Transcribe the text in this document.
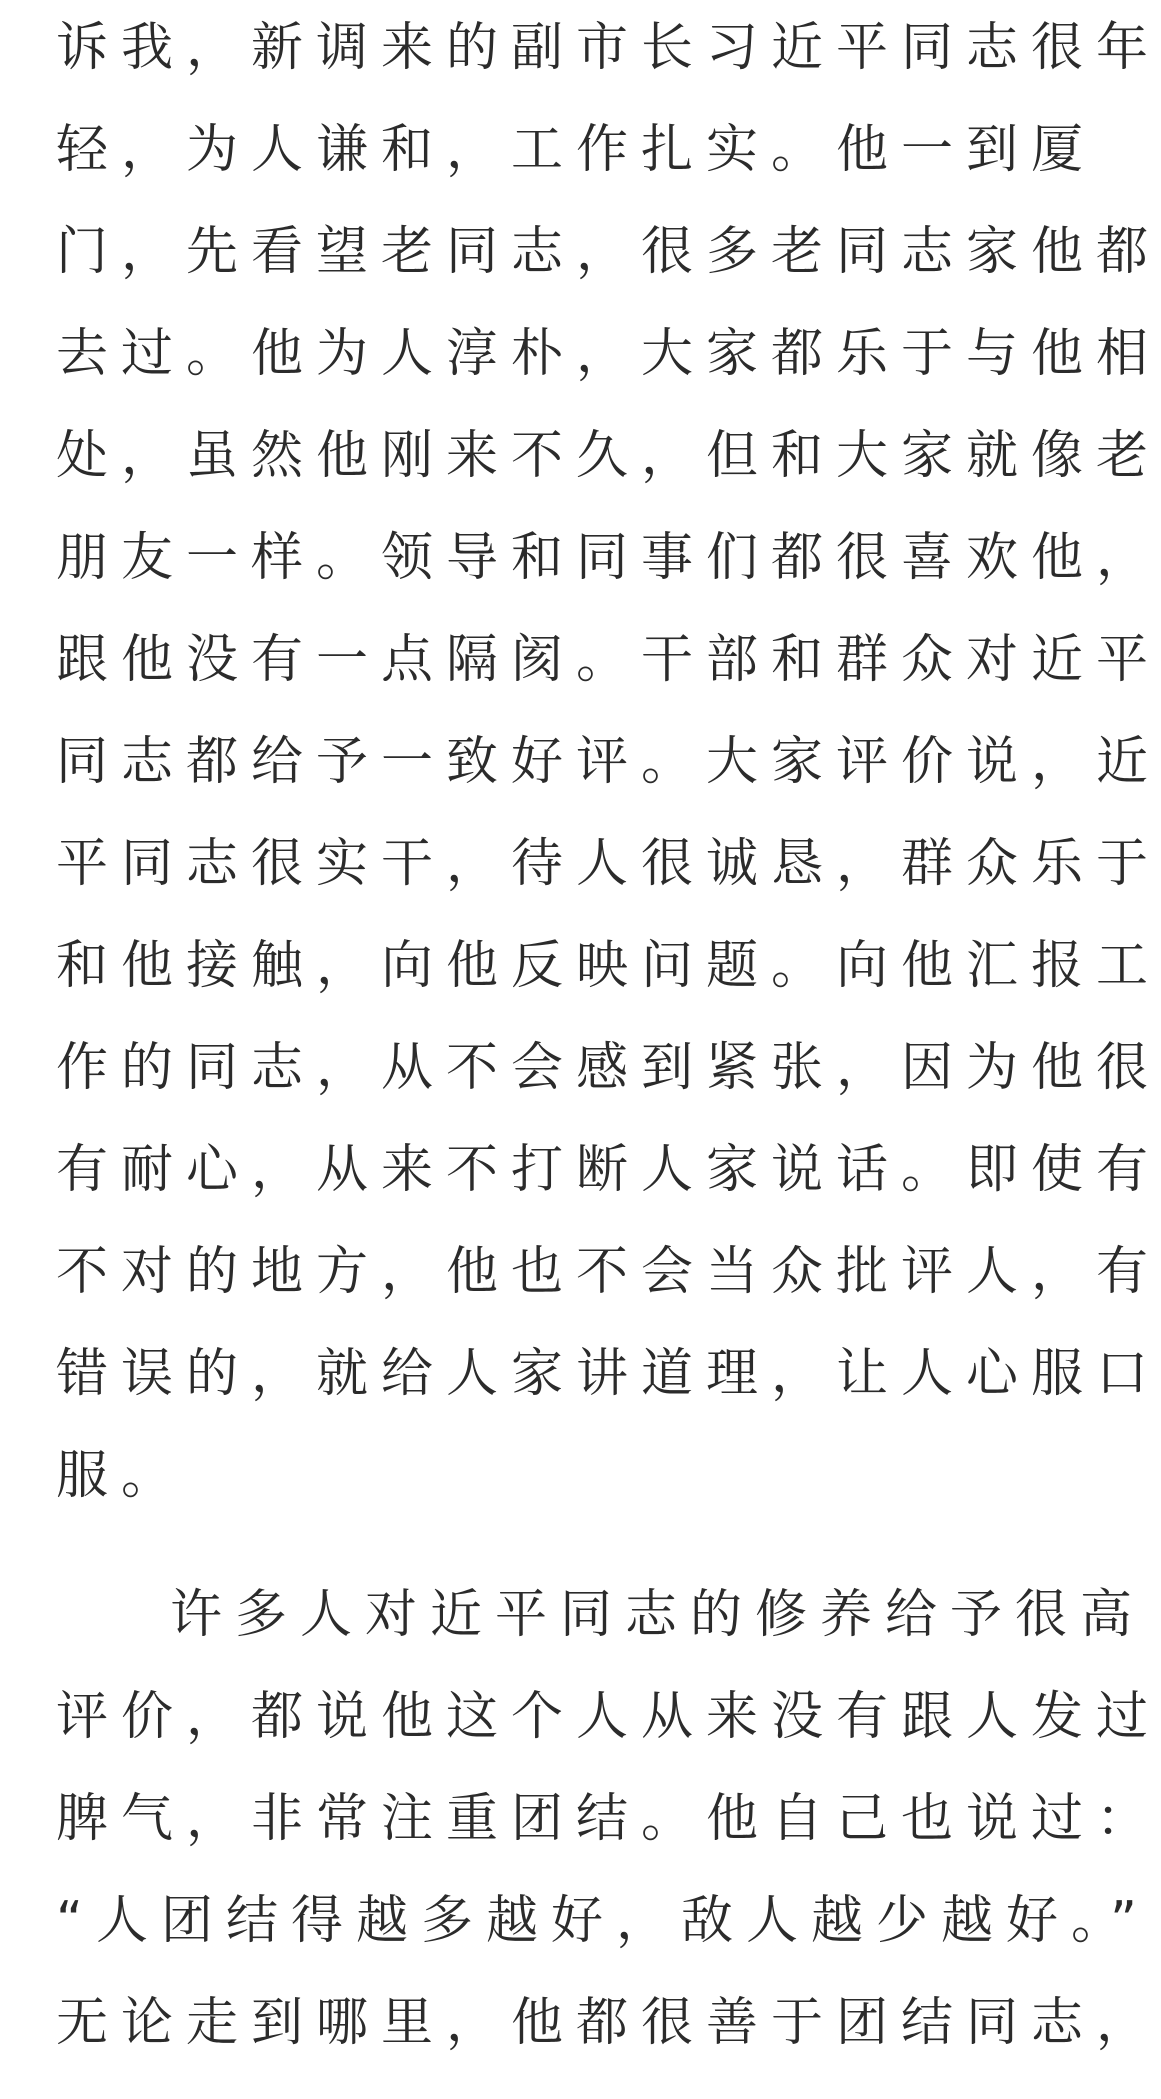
诉我，新调来的副市长习近平同志很年
轻，为人谦和，工作扎实。他一到厦
门，先看望老同志，很多老同志家他都
去过。他为人淳朴，大家都乐于与他相
处，虽然他刚来不久，但和大家就像老
朋友一样。领导和同事们都很喜欢他，
跟他没有一点隔阂。干部和群众对近平
同志都给予一致好评。大家评价说，近
平同志很实干，待人很诚恳，群众乐于
和他接触，向他反映问题。向他汇报工
作的同志，从不会感到紧张，因为他很
有耐心，从来不打断人家说话。即使有
不对的地方，他也不会当众批评人，有
错误的，就给人家讲道理，让人心服口
服。
许多人对近平同志的修养给予很高
评价，都说他这个人从来没有跟人发过
脾气，非常注重团结。他自己也说过：
“人团结得越多越好，敌人越少越好。”
无论走到哪里，他都很善于团结同志，
